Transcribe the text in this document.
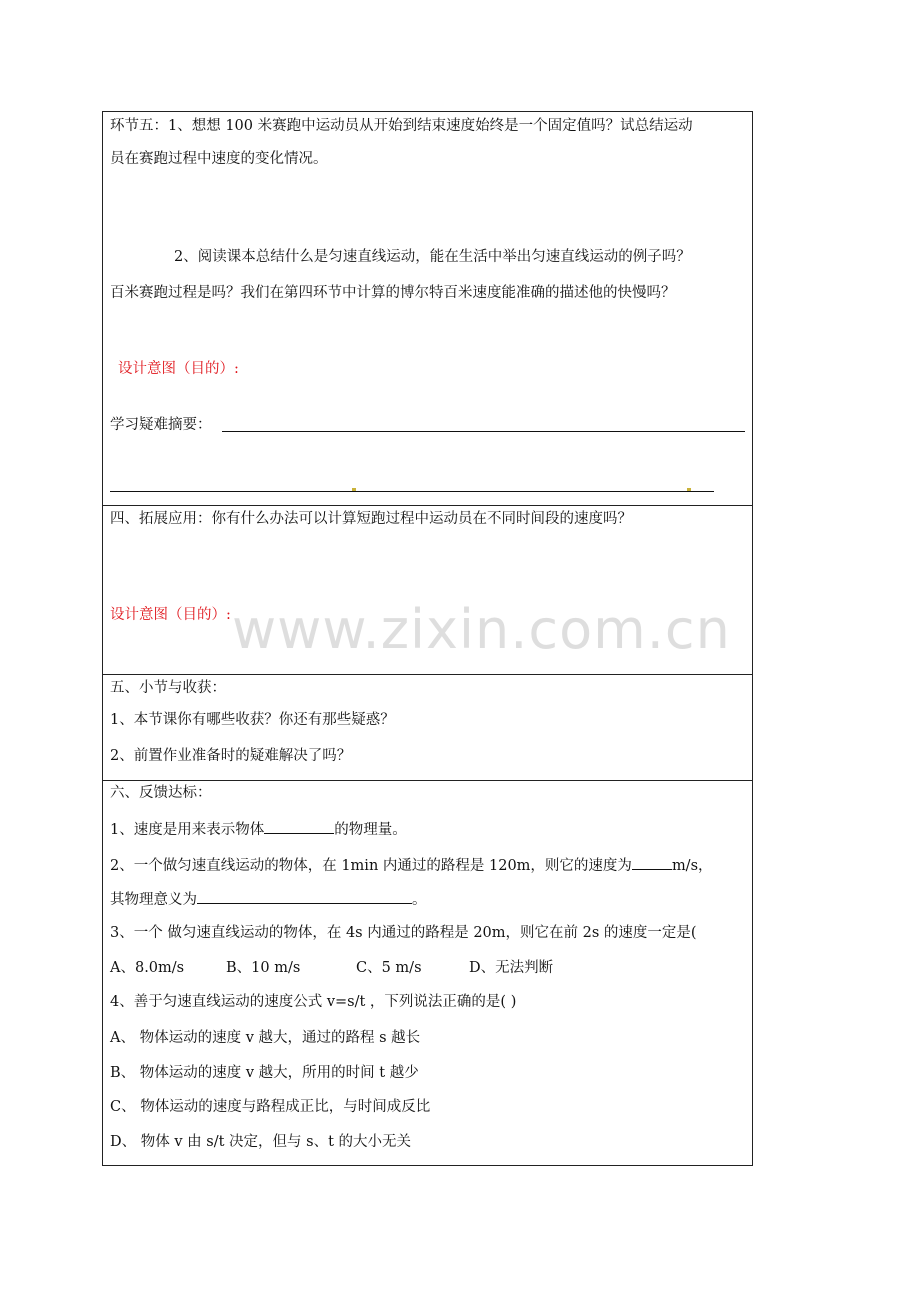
环节五：1、想想 100 米赛跑中运动员从开始到结束速度始终是一个固定值吗？试总结运动
员在赛跑过程中速度的变化情况。
2、阅读课本总结什么是匀速直线运动，能在生活中举出匀速直线运动的例子吗？
百米赛跑过程是吗？我们在第四环节中计算的博尔特百米速度能准确的描述他的快慢吗？
设计意图（目的）:
学习疑难摘要：
四、拓展应用：你有什么办法可以计算短跑过程中运动员在不同时间段的速度吗？
设计意图（目的）: www.zixin.com.cn
五、小节与收获：
1、本节课你有哪些收获？你还有那些疑惑？
2、前置作业准备时的疑难解决了吗？
六、反馈达标：
1、速度是用来表示物体	的物理量。
2、一个做匀速直线运动的物体，在 1min 内通过的路程是 120m，则它的速度为	m/s，
其物理意义为	。
3、一个 做匀速直线运动的物体，在 4s 内通过的路程是 20m，则它在前 2s 的速度一定是(
A、8.0m/s	B、10 m/s	C、5 m/s	D、无法判断
4、善于匀速直线运动的速度公式 v=s/t ，下列说法正确的是( )
A、 物体运动的速度 v 越大，通过的路程 s 越长
B、 物体运动的速度 v 越大，所用的时间 t 越少
C、 物体运动的速度与路程成正比，与时间成反比
D、 物体 v 由 s/t 决定，但与 s、t 的大小无关
